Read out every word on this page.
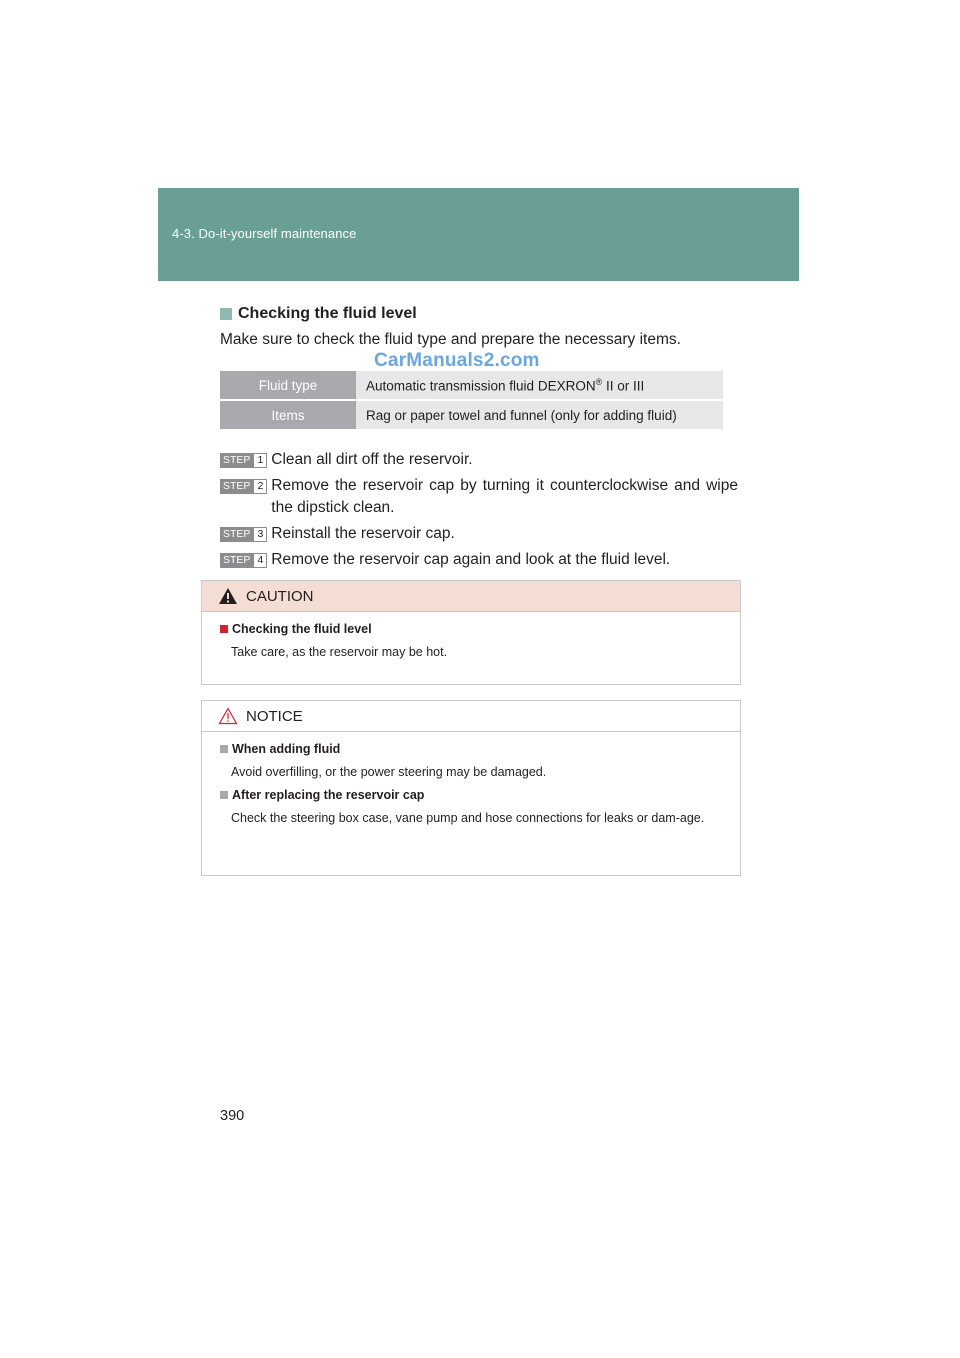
4-3. Do-it-yourself maintenance
Checking the fluid level
Make sure to check the fluid type and prepare the necessary items.
CarManuals2.com
Fluid type	Automatic transmission fluid DEXRON® II or III
Items	Rag or paper towel and funnel (only for adding fluid)
STEP 1 Clean all dirt off the reservoir.
STEP 2 Remove the reservoir cap by turning it counterclockwise and wipe the dipstick clean.
STEP 3 Reinstall the reservoir cap.
STEP 4 Remove the reservoir cap again and look at the fluid level.
CAUTION
Checking the fluid level
Take care, as the reservoir may be hot.
NOTICE
When adding fluid
Avoid overfilling, or the power steering may be damaged.
After replacing the reservoir cap
Check the steering box case, vane pump and hose connections for leaks or dam-age.
390
